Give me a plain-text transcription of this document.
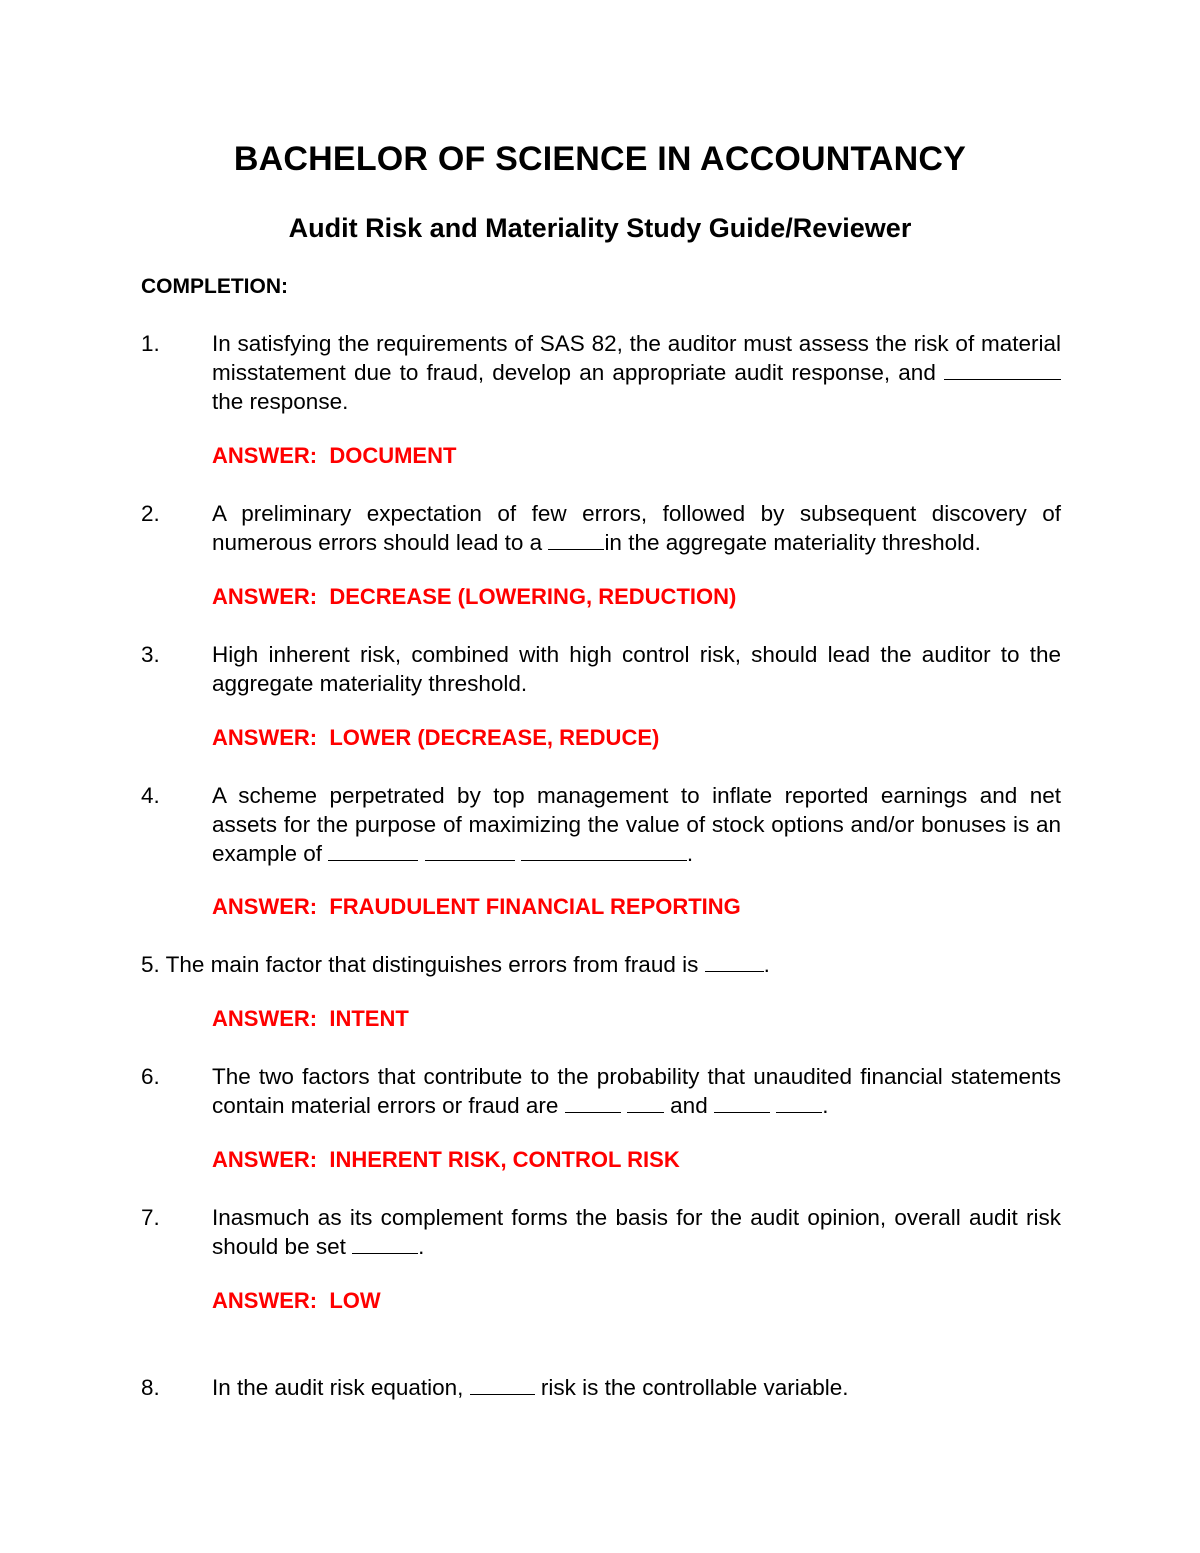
BACHELOR OF SCIENCE IN ACCOUNTANCY
Audit Risk and Materiality Study Guide/Reviewer
COMPLETION:
1. In satisfying the requirements of SAS 82, the auditor must assess the risk of material misstatement due to fraud, develop an appropriate audit response, and  the response.
ANSWER:  DOCUMENT
2. A preliminary expectation of few errors, followed by subsequent discovery of numerous errors should lead to a in the aggregate materiality threshold.
ANSWER:  DECREASE (LOWERING, REDUCTION)
3. High inherent risk, combined with high control risk, should lead the auditor to the aggregate materiality threshold.
ANSWER:  LOWER (DECREASE, REDUCE)
4. A scheme perpetrated by top management to inflate reported earnings and net assets for the purpose of maximizing the value of stock options and/or bonuses is an example of	.
ANSWER:  FRAUDULENT FINANCIAL REPORTING
5. The main factor that distinguishes errors from fraud is	.
ANSWER:  INTENT
6. The two factors that contribute to the probability that unaudited financial statements contain material errors or fraud are	and	.
ANSWER:  INHERENT RISK, CONTROL RISK
7. Inasmuch as its complement forms the basis for the audit opinion, overall audit risk should be set	.
ANSWER:  LOW
8. In the audit risk equation,	risk is the controllable variable.
